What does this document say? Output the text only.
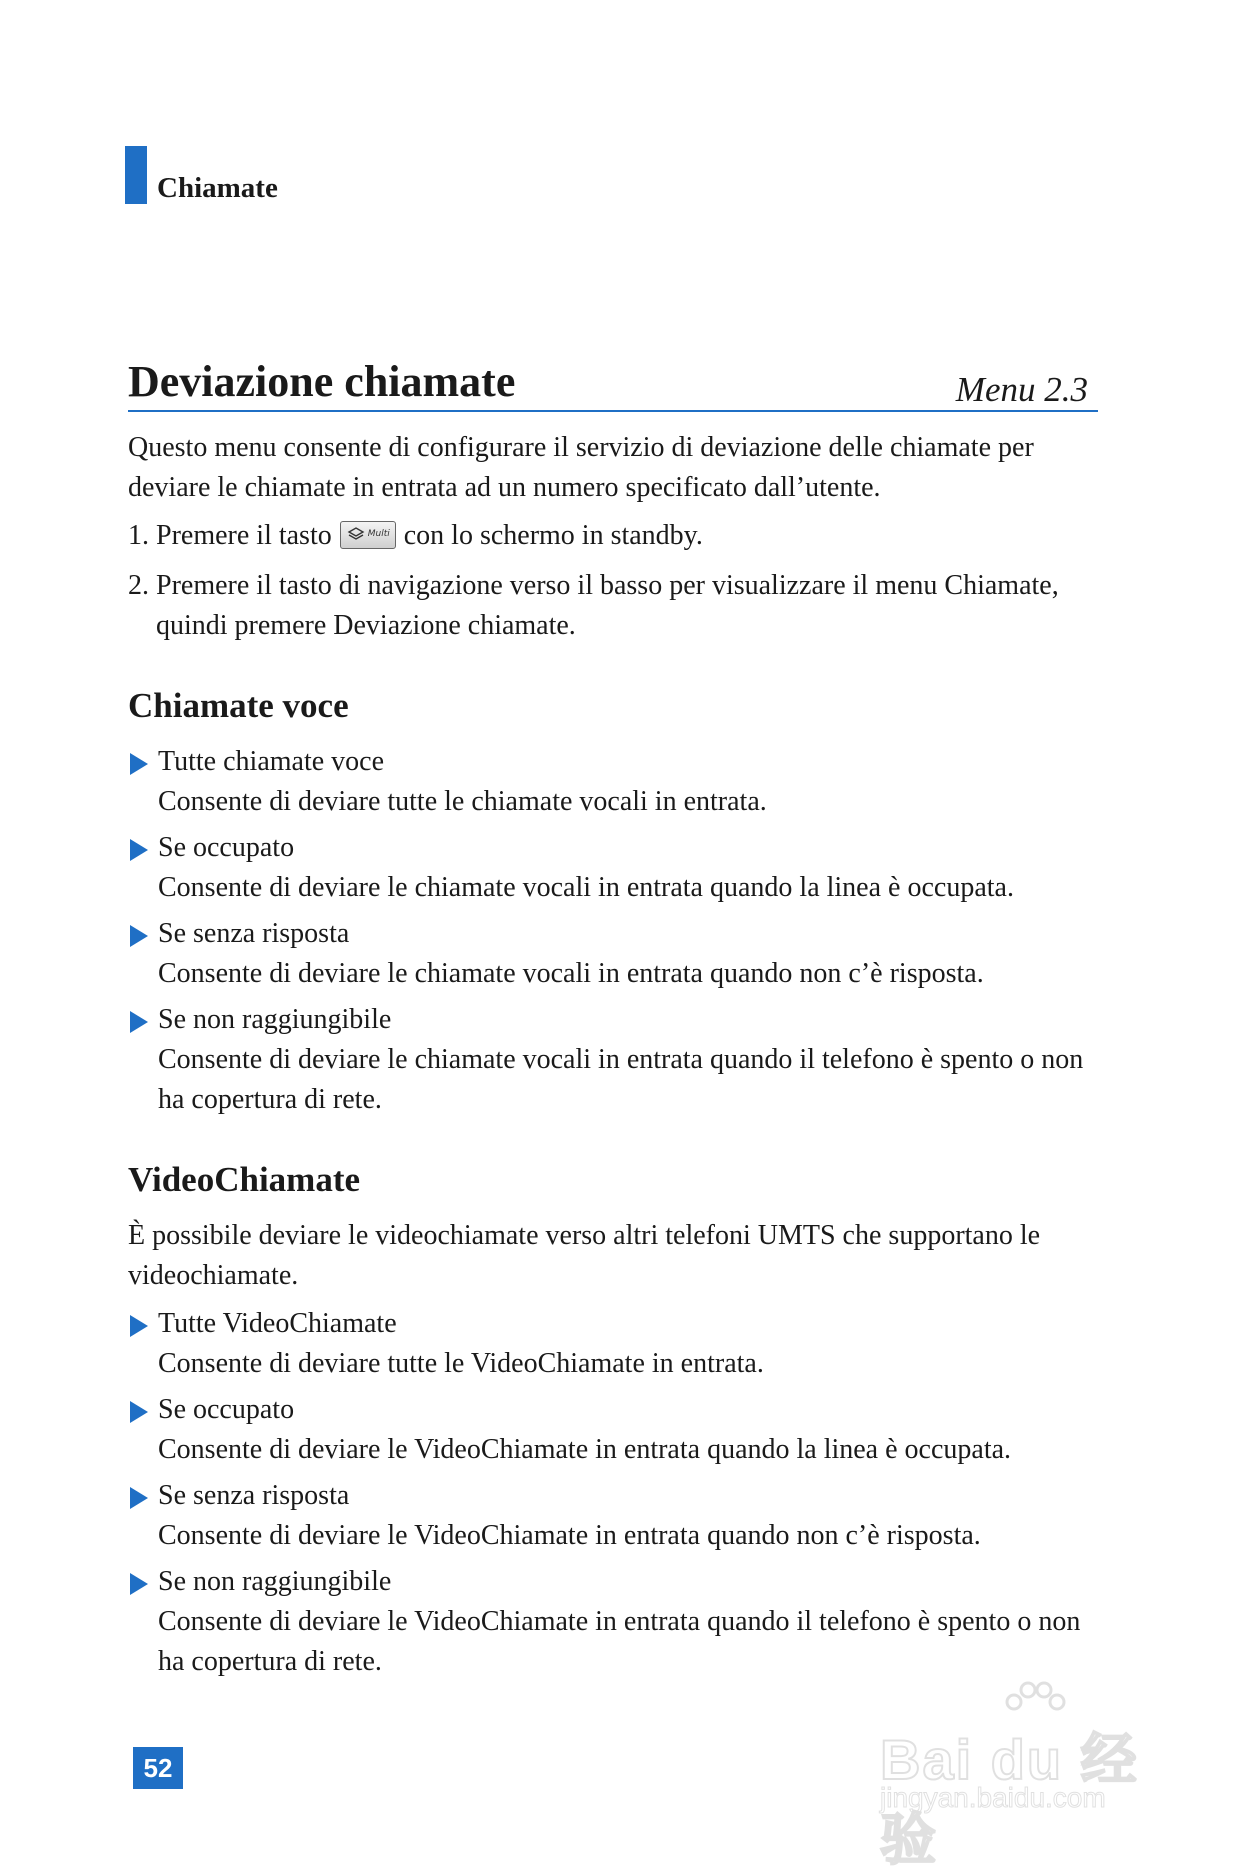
Chiamate
Deviazione chiamate	Menu 2.3

Questo menu consente di configurare il servizio di deviazione delle chiamate per deviare le chiamate in entrata ad un numero specificato dall’utente.

1. Premere il tasto	Multi con lo schermo in standby.
2. Premere il tasto di navigazione verso il basso per visualizzare il menu Chiamate, quindi premere Deviazione chiamate.
Chiamate voce
Tutte chiamate voce
Consente di deviare tutte le chiamate vocali in entrata.
Se occupato
Consente di deviare le chiamate vocali in entrata quando la linea è occupata.
Se senza risposta
Consente di deviare le chiamate vocali in entrata quando non c’è risposta.
Se non raggiungibile
Consente di deviare le chiamate vocali in entrata quando il telefono è spento o non ha copertura di rete.
VideoChiamate

È possibile deviare le videochiamate verso altri telefoni UMTS che supportano le videochiamate.

Tutte VideoChiamate
Consente di deviare tutte le VideoChiamate in entrata.
Se occupato
Consente di deviare le VideoChiamate in entrata quando la linea è occupata.
Se senza risposta
Consente di deviare le VideoChiamate in entrata quando non c’è risposta.
Se non raggiungibile
Consente di deviare le VideoChiamate in entrata quando il telefono è spento o non ha copertura di rete.
52	Bai du 经验
jingyan.baidu.com
